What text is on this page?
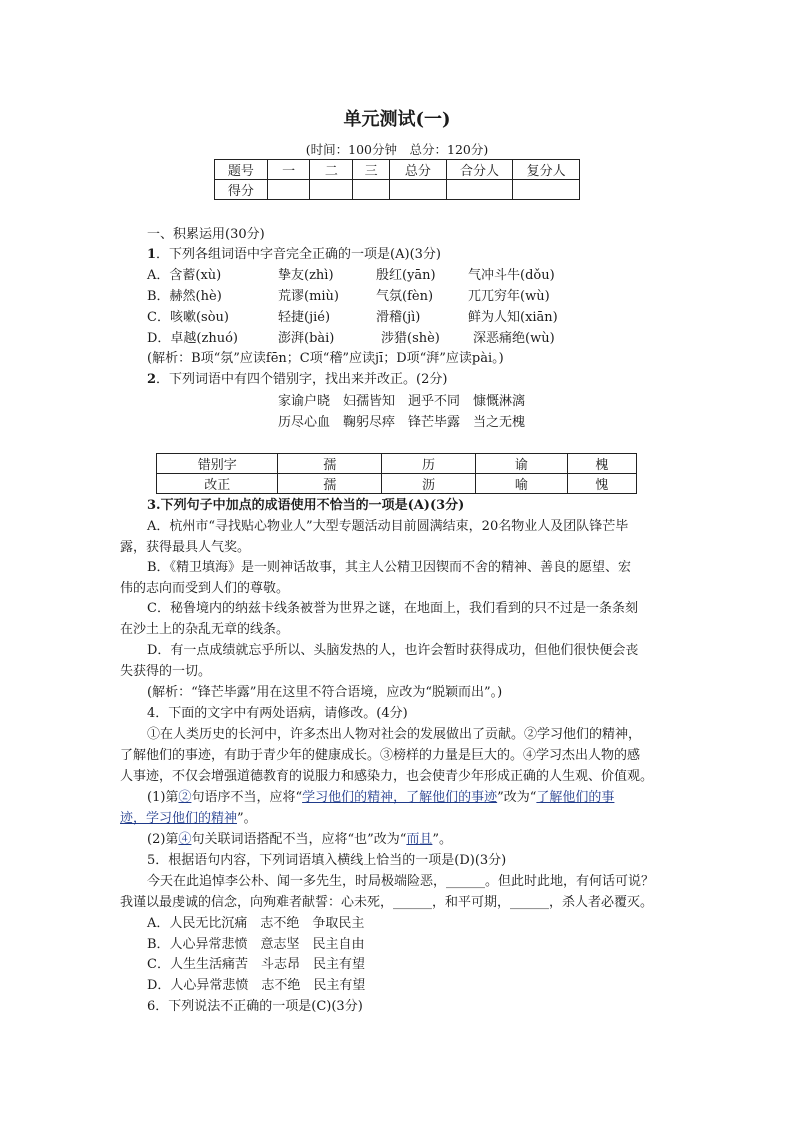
单元测试(一)
(时间：100分钟　总分：120分)
题号	一	二	三	总分	合分人	复分人
得分						
一、积累运用(30分)
1．下列各组词语中字音完全正确的一项是(A)(3分)
A．含蓄(xù)	挚友(zhì)	殷红(yān) 气冲斗牛(dǒu)
B．赫然(hè)	荒谬(miù)	气氛(fèn)	兀兀穷年(wù)
C．咳嗽(sòu)	轻捷(jié)	滑稽(jì)	鲜为人知(xiān)
D．卓越(zhuó)	澎湃(bài)	涉猎(shè)	深恶痛绝(wù)
(解析：B项“氛”应读fēn；C项“稽”应读jī；D项“湃”应读pài。)
2．下列词语中有四个错别字，找出来并改正。(2分)
家谕户晓　妇孺皆知　迥乎不同　慷慨淋漓
历尽心血　鞠躬尽瘁　锋芒毕露　当之无槐
错别字	孺	历	谕	槐
改正	孺	沥	喻	愧
3.下列句子中加点的成语使用不恰当的一项是(A)(3分)
A．杭州市“寻找贴心物业人”大型专题活动目前圆满结束，20名物业人及团队锋芒毕
露，获得最具人气奖。
B．《精卫填海》是一则神话故事，其主人公精卫因锲而不舍的精神、善良的愿望、宏
伟的志向而受到人们的尊敬。
C．秘鲁境内的纳兹卡线条被誉为世界之谜，在地面上，我们看到的只不过是一条条刻
在沙土上的杂乱无章的线条。
D．有一点成绩就忘乎所以、头脑发热的人，也许会暂时获得成功，但他们很快便会丧
失获得的一切。
(解析：“锋芒毕露”用在这里不符合语境，应改为“脱颖而出”。)
4．下面的文字中有两处语病，请修改。(4分)
①在人类历史的长河中，许多杰出人物对社会的发展做出了贡献。②学习他们的精神，
了解他们的事迹，有助于青少年的健康成长。③榜样的力量是巨大的。④学习杰出人物的感
人事迹，不仅会增强道德教育的说服力和感染力，也会使青少年形成正确的人生观、价值观。
(1)第②句语序不当，应将“学习他们的精神，了解他们的事迹”改为“了解他们的事
迹，学习他们的精神”。
(2)第④句关联词语搭配不当，应将“也”改为“而且”。
5．根据语句内容，下列词语填入横线上恰当的一项是(D)(3分)
今天在此追悼李公朴、闻一多先生，时局极端险恶，______。但此时此地，有何话可说？
我谨以最虔诚的信念，向殉难者献誓：心未死，______，和平可期，______，杀人者必覆灭。
A．人民无比沉痛　志不绝　争取民主
B．人心异常悲愤　意志坚　民主自由
C．人生生活痛苦　斗志昂　民主有望
D．人心异常悲愤　志不绝　民主有望
6．下列说法不正确的一项是(C)(3分)
